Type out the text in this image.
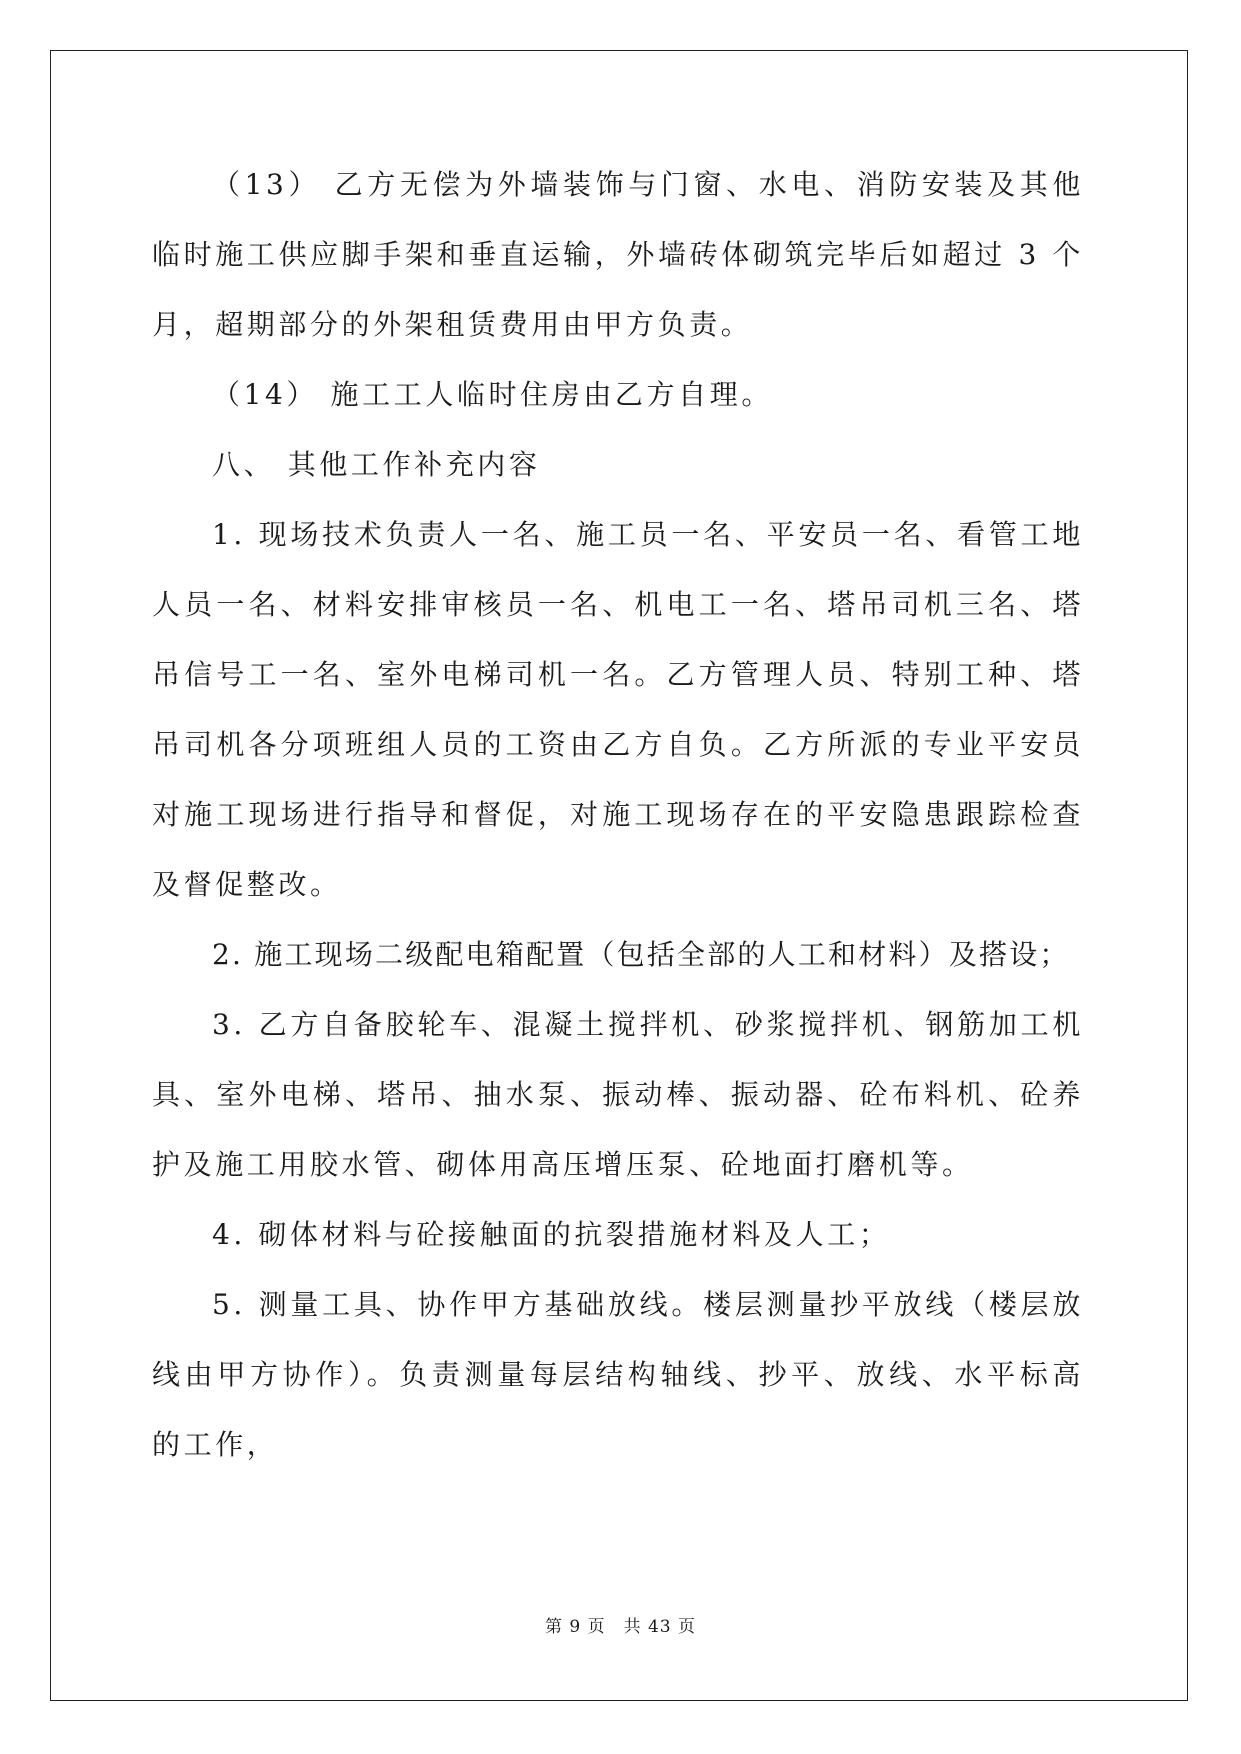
（13） 乙方无偿为外墙装饰与门窗、水电、消防安装及其他临时施工供应脚手架和垂直运输，外墙砖体砌筑完毕后如超过 3 个月，超期部分的外架租赁费用由甲方负责。

（14） 施工工人临时住房由乙方自理。

八、 其他工作补充内容

1. 现场技术负责人一名、施工员一名、平安员一名、看管工地人员一名、材料安排审核员一名、机电工一名、塔吊司机三名、塔吊信号工一名、室外电梯司机一名。乙方管理人员、特别工种、塔吊司机各分项班组人员的工资由乙方自负。乙方所派的专业平安员对施工现场进行指导和督促，对施工现场存在的平安隐患跟踪检查及督促整改。

2. 施工现场二级配电箱配置（包括全部的人工和材料）及搭设；

3. 乙方自备胶轮车、混凝土搅拌机、砂浆搅拌机、钢筋加工机具、室外电梯、塔吊、抽水泵、振动棒、振动器、砼布料机、砼养护及施工用胶水管、砌体用高压增压泵、砼地面打磨机等。

4. 砌体材料与砼接触面的抗裂措施材料及人工；

5. 测量工具、协作甲方基础放线。楼层测量抄平放线（楼层放线由甲方协作）。负责测量每层结构轴线、抄平、放线、水平标高的工作，

第 9 页　共 43 页
